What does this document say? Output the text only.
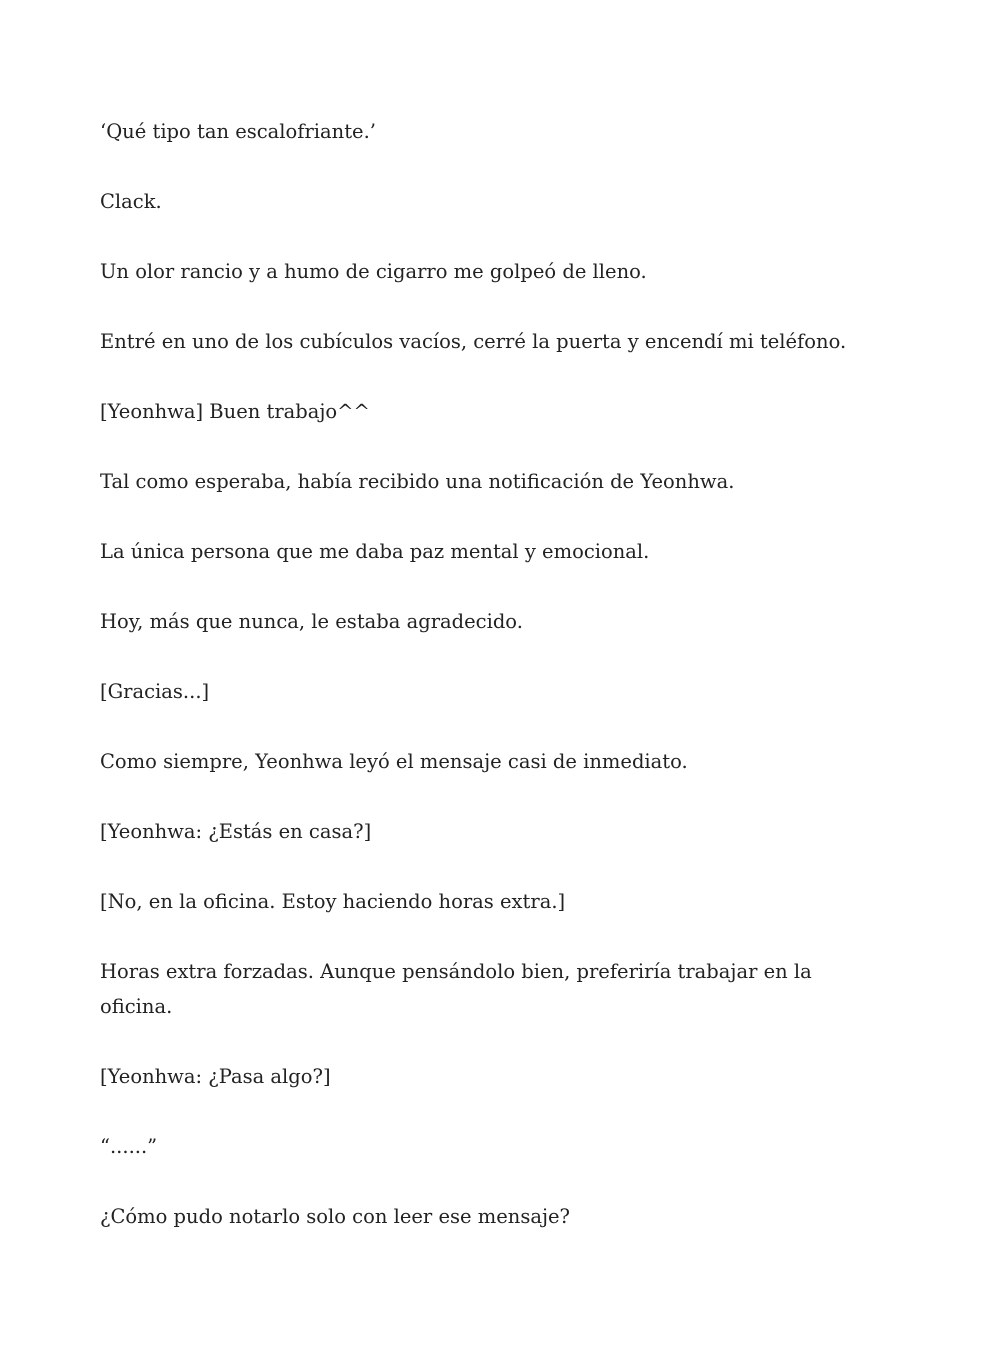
‘Qué tipo tan escalofriante.’

Clack.

Un olor rancio y a humo de cigarro me golpeó de lleno.

Entré en uno de los cubículos vacíos, cerré la puerta y encendí mi teléfono.

[Yeonhwa] Buen trabajo^^

Tal como esperaba, había recibido una notificación de Yeonhwa.

La única persona que me daba paz mental y emocional.

Hoy, más que nunca, le estaba agradecido.

[Gracias...]

Como siempre, Yeonhwa leyó el mensaje casi de inmediato.

[Yeonhwa: ¿Estás en casa?]

[No, en la oficina. Estoy haciendo horas extra.]

Horas extra forzadas. Aunque pensándolo bien, preferiría trabajar en la oficina.

[Yeonhwa: ¿Pasa algo?]

“......”

¿Cómo pudo notarlo solo con leer ese mensaje?
